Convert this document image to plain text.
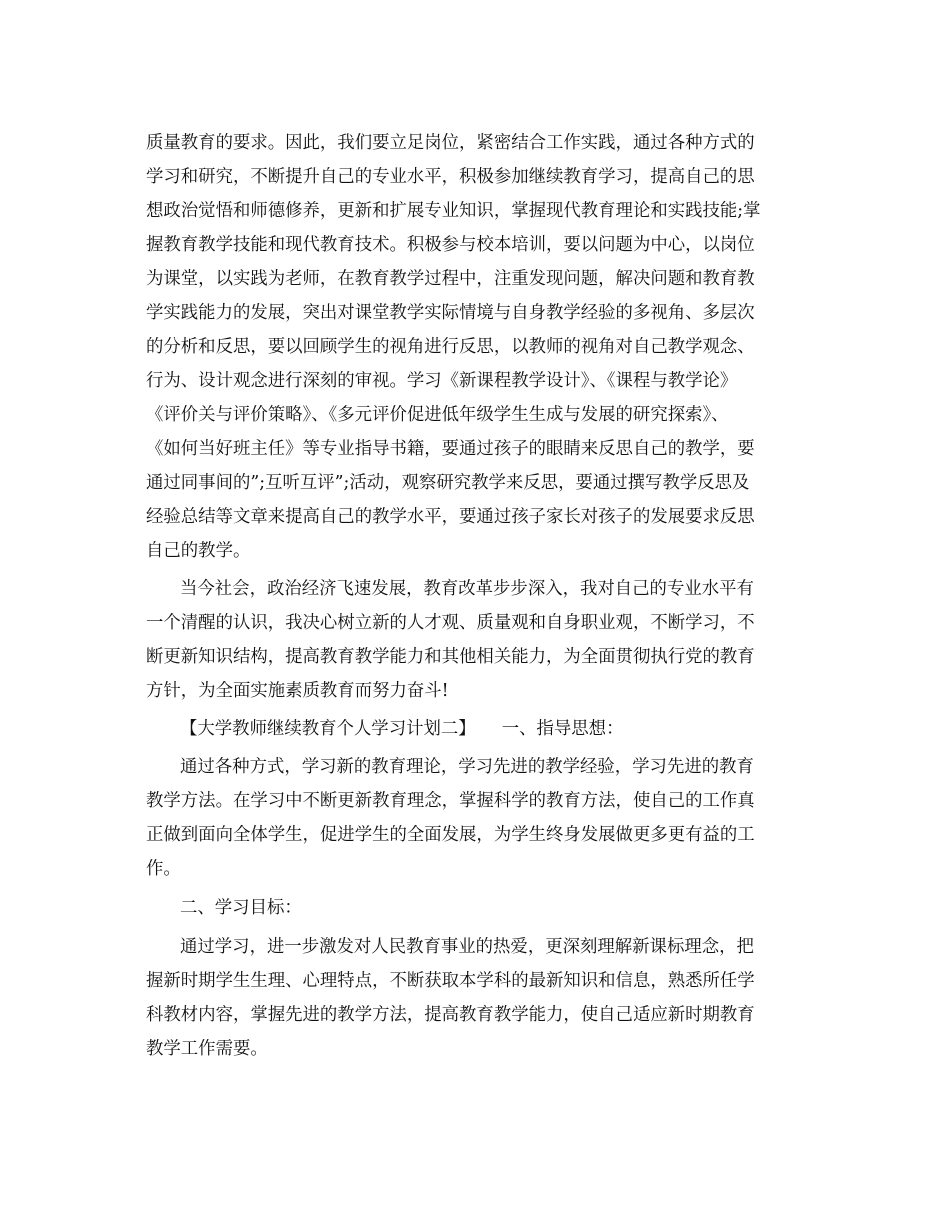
质量教育的要求。因此，我们要立足岗位，紧密结合工作实践，通过各种方式的
学习和研究，不断提升自己的专业水平，积极参加继续教育学习，提高自己的思
想政治觉悟和师德修养，更新和扩展专业知识，掌握现代教育理论和实践技能;掌
握教育教学技能和现代教育技术。积极参与校本培训，要以问题为中心，以岗位
为课堂，以实践为老师，在教育教学过程中，注重发现问题，解决问题和教育教
学实践能力的发展，突出对课堂教学实际情境与自身教学经验的多视角、多层次
的分析和反思，要以回顾学生的视角进行反思，以教师的视角对自己教学观念、
行为、设计观念进行深刻的审视。学习《新课程教学设计》、《课程与教学论》
《评价关与评价策略》、《多元评价促进低年级学生生成与发展的研究探索》、
《如何当好班主任》等专业指导书籍，要通过孩子的眼睛来反思自己的教学，要
通过同事间的”;互听互评”;活动，观察研究教学来反思，要通过撰写教学反思及
经验总结等文章来提高自己的教学水平，要通过孩子家长对孩子的发展要求反思
自己的教学。
当今社会，政治经济飞速发展，教育改革步步深入，我对自己的专业水平有
一个清醒的认识，我决心树立新的人才观、质量观和自身职业观，不断学习，不
断更新知识结构，提高教育教学能力和其他相关能力，为全面贯彻执行党的教育
方针，为全面实施素质教育而努力奋斗!
【大学教师继续教育个人学习计划二】　　一、指导思想：
通过各种方式，学习新的教育理论，学习先进的教学经验，学习先进的教育
教学方法。在学习中不断更新教育理念，掌握科学的教育方法，使自己的工作真
正做到面向全体学生，促进学生的全面发展，为学生终身发展做更多更有益的工
作。
二、学习目标：
通过学习，进一步激发对人民教育事业的热爱，更深刻理解新课标理念，把
握新时期学生生理、心理特点，不断获取本学科的最新知识和信息，熟悉所任学
科教材内容，掌握先进的教学方法，提高教育教学能力，使自己适应新时期教育
教学工作需要。
